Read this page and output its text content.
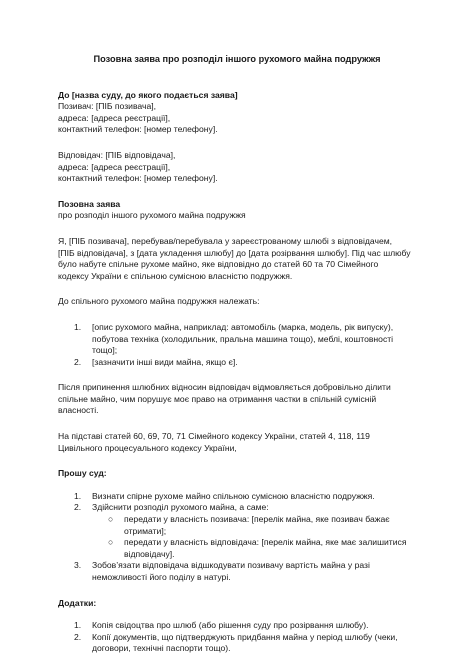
Позовна заява про розподіл іншого рухомого майна подружжя

До [назва суду, до якого подається заява]

Позивач: [ПІБ позивача],
адреса: [адреса реєстрації],
контактний телефон: [номер телефону].
Відповідач: [ПІБ відповідача],
адреса: [адреса реєстрації],
контактний телефон: [номер телефону].

Позовна заява

про розподіл іншого рухомого майна подружжя

Я, [ПІБ позивача], перебував/перебувала у зареєстрованому шлюбі з відповідачем,
[ПІБ відповідача], з [дата укладення шлюбу] до [дата розірвання шлюбу]. Під час шлюбу
було набуте спільне рухоме майно, яке відповідно до статей 60 та 70 Сімейного
кодексу України є спільною сумісною власністю подружжя.

До спільного рухомого майна подружжя належать:

1. [опис рухомого майна, наприклад: автомобіль (марка, модель, рік випуску),
побутова техніка (холодильник, пральна машина тощо), меблі, коштовності
тощо];
2. [зазначити інші види майна, якщо є].
Після припинення шлюбних відносин відповідач відмовляється добровільно ділити
спільне майно, чим порушує моє право на отримання частки в спільній сумісній
власності.
На підставі статей 60, 69, 70, 71 Сімейного кодексу України, статей 4, 118, 119
Цивільного процесуального кодексу України,

Прошу суд:

1. Визнати спірне рухоме майно спільною сумісною власністю подружжя.
2. Здійснити розподіл рухомого майна, а саме:
○ передати у власність позивача: [перелік майна, яке позивач бажає
отримати];
○ передати у власність відповідача: [перелік майна, яке має залишитися
відповідачу].
3. Зобов’язати відповідача відшкодувати позивачу вартість майна у разі
неможливості його поділу в натурі.

Додатки:

1. Копія свідоцтва про шлюб (або рішення суду про розірвання шлюбу).
2. Копії документів, що підтверджують придбання майна у період шлюбу (чеки,
договори, технічні паспорти тощо).
